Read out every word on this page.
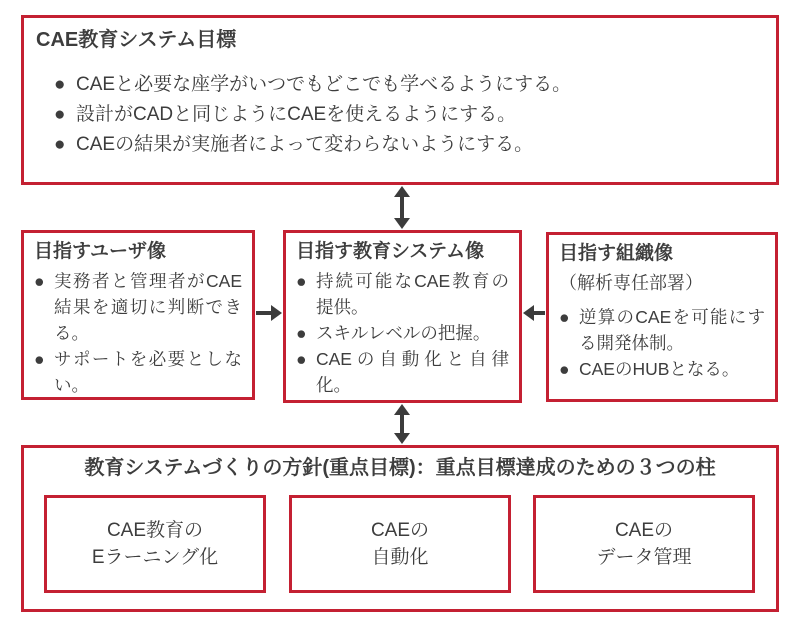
CAE教育システム目標
● CAEと必要な座学がいつでもどこでも学べるようにする。
● 設計がCADと同じようにCAEを使えるようにする。
● CAEの結果が実施者によって変わらないようにする。
目指すユーザ像
● 実務者と管理者がCAE結果を適切に判断できる。
● サポートを必要としない。
目指す教育システム像
● 持続可能なCAE教育の提供。
● スキルレベルの把握。
● CAEの自動化と自律化。
目指す組織像
（解析専任部署）
● 逆算のCAEを可能にする開発体制。
● CAEのHUBとなる。
教育システムづくりの方針(重点目標)：重点目標達成のための３つの柱
CAE教育の
Eラーニング化
CAEの
自動化
CAEの
データ管理
